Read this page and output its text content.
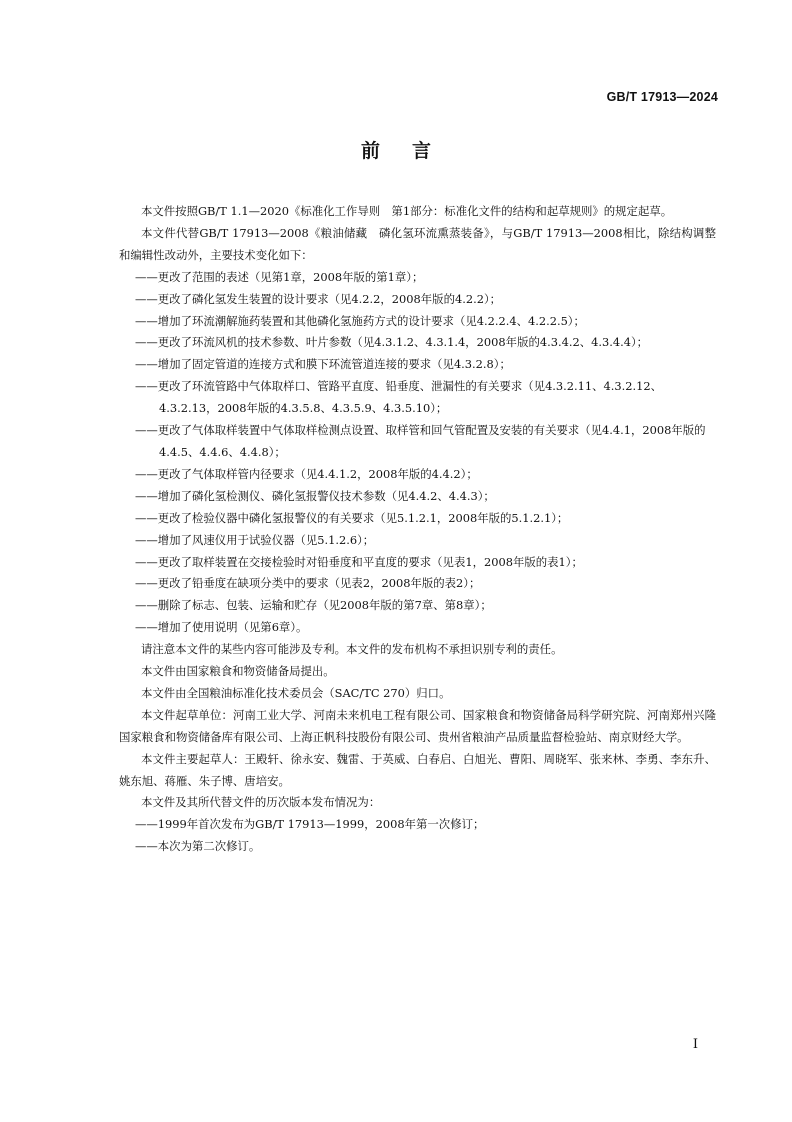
GB/T 17913—2024
前 言

本文件按照GB/T 1.1—2020《标准化工作导则　第1部分：标准化文件的结构和起草规则》的规定起草。

本文件代替GB/T 17913—2008《粮油储藏　磷化氢环流熏蒸装备》，与GB/T 17913—2008相比，除结构调整和编辑性改动外，主要技术变化如下：

——更改了范围的表述（见第1章，2008年版的第1章）；

——更改了磷化氢发生装置的设计要求（见4.2.2，2008年版的4.2.2）；

——增加了环流潮解施药装置和其他磷化氢施药方式的设计要求（见4.2.2.4、4.2.2.5）；

——更改了环流风机的技术参数、叶片参数（见4.3.1.2、4.3.1.4，2008年版的4.3.4.2、4.3.4.4）；

——增加了固定管道的连接方式和膜下环流管道连接的要求（见4.3.2.8）；

——更改了环流管路中气体取样口、管路平直度、铅垂度、泄漏性的有关要求（见4.3.2.11、4.3.2.12、4.3.2.13，2008年版的4.3.5.8、4.3.5.9、4.3.5.10）；

——更改了气体取样装置中气体取样检测点设置、取样管和回气管配置及安装的有关要求（见4.4.1，2008年版的4.4.5、4.4.6、4.4.8）；

——更改了气体取样管内径要求（见4.4.1.2，2008年版的4.4.2）；

——增加了磷化氢检测仪、磷化氢报警仪技术参数（见4.4.2、4.4.3）；

——更改了检验仪器中磷化氢报警仪的有关要求（见5.1.2.1，2008年版的5.1.2.1）；

——增加了风速仪用于试验仪器（见5.1.2.6）；

——更改了取样装置在交接检验时对铅垂度和平直度的要求（见表1，2008年版的表1）；

——更改了铅垂度在缺项分类中的要求（见表2，2008年版的表2）；

——删除了标志、包装、运输和贮存（见2008年版的第7章、第8章）；

——增加了使用说明（见第6章）。

请注意本文件的某些内容可能涉及专利。本文件的发布机构不承担识别专利的责任。

本文件由国家粮食和物资储备局提出。

本文件由全国粮油标准化技术委员会（SAC/TC 270）归口。

本文件起草单位：河南工业大学、河南未来机电工程有限公司、国家粮食和物资储备局科学研究院、河南郑州兴隆国家粮食和物资储备库有限公司、上海正帆科技股份有限公司、贵州省粮油产品质量监督检验站、南京财经大学。

本文件主要起草人：王殿轩、徐永安、魏雷、于英威、白春启、白旭光、曹阳、周晓军、张来林、李勇、李东升、姚东旭、蒋雁、朱子博、唐培安。

本文件及其所代替文件的历次版本发布情况为：

——1999年首次发布为GB/T 17913—1999，2008年第一次修订；

——本次为第二次修订。

I
